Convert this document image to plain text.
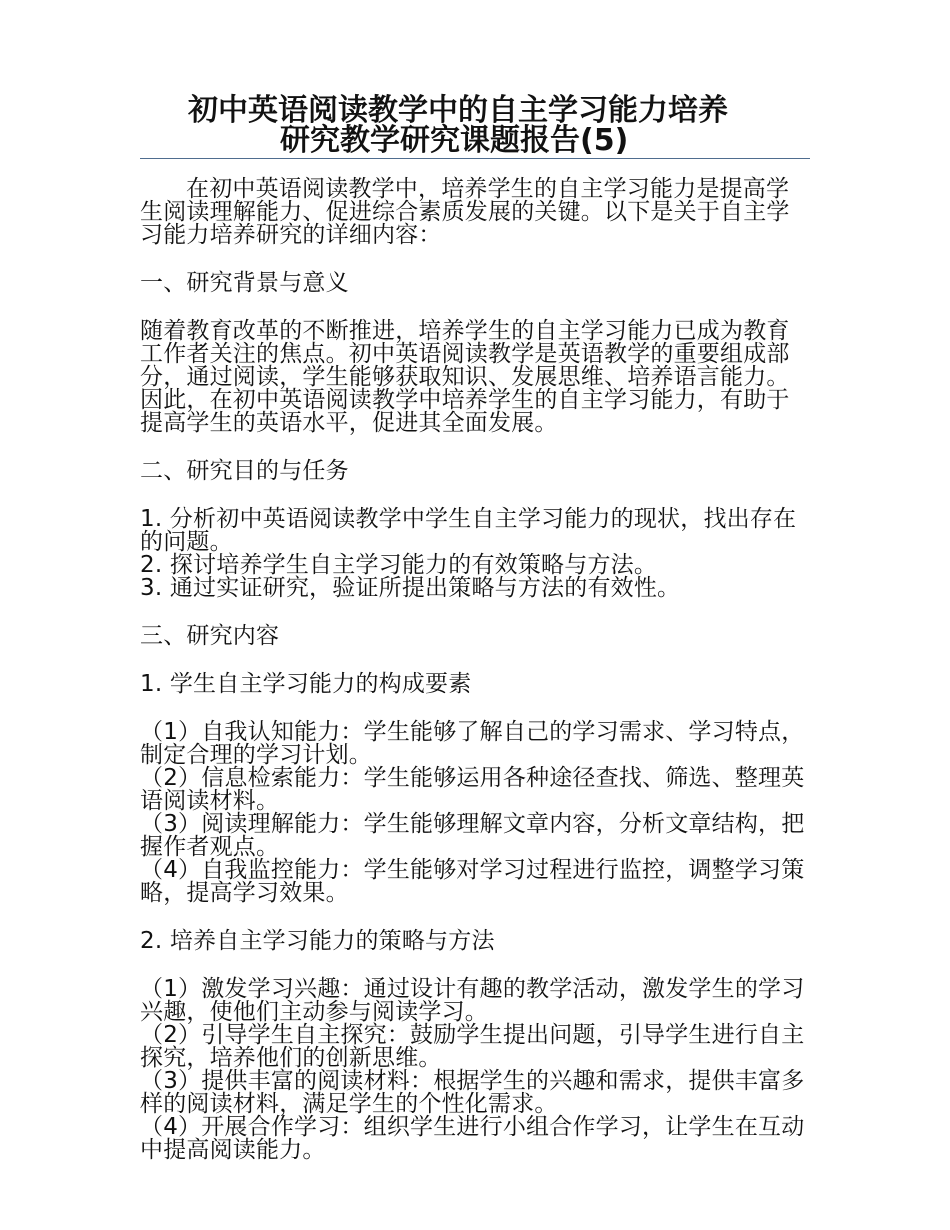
初中英语阅读教学中的自主学习能力培养
研究教学研究课题报告(5)

在初中英语阅读教学中，培养学生的自主学习能力是提高学生阅读理解能力、促进综合素质发展的关键。以下是关于自主学习能力培养研究的详细内容：

一、研究背景与意义

随着教育改革的不断推进，培养学生的自主学习能力已成为教育工作者关注的焦点。初中英语阅读教学是英语教学的重要组成部分，通过阅读，学生能够获取知识、发展思维、培养语言能力。因此，在初中英语阅读教学中培养学生的自主学习能力，有助于提高学生的英语水平，促进其全面发展。

二、研究目的与任务

1. 分析初中英语阅读教学中学生自主学习能力的现状，找出存在的问题。

2. 探讨培养学生自主学习能力的有效策略与方法。

3. 通过实证研究，验证所提出策略与方法的有效性。

三、研究内容

1. 学生自主学习能力的构成要素

（1）自我认知能力：学生能够了解自己的学习需求、学习特点，制定合理的学习计划。

（2）信息检索能力：学生能够运用各种途径查找、筛选、整理英语阅读材料。

（3）阅读理解能力：学生能够理解文章内容，分析文章结构，把握作者观点。

（4）自我监控能力：学生能够对学习过程进行监控，调整学习策略，提高学习效果。

2. 培养自主学习能力的策略与方法

（1）激发学习兴趣：通过设计有趣的教学活动，激发学生的学习兴趣，使他们主动参与阅读学习。

（2）引导学生自主探究：鼓励学生提出问题，引导学生进行自主探究，培养他们的创新思维。

（3）提供丰富的阅读材料：根据学生的兴趣和需求，提供丰富多样的阅读材料，满足学生的个性化需求。

（4）开展合作学习：组织学生进行小组合作学习，让学生在互动中提高阅读能力。
